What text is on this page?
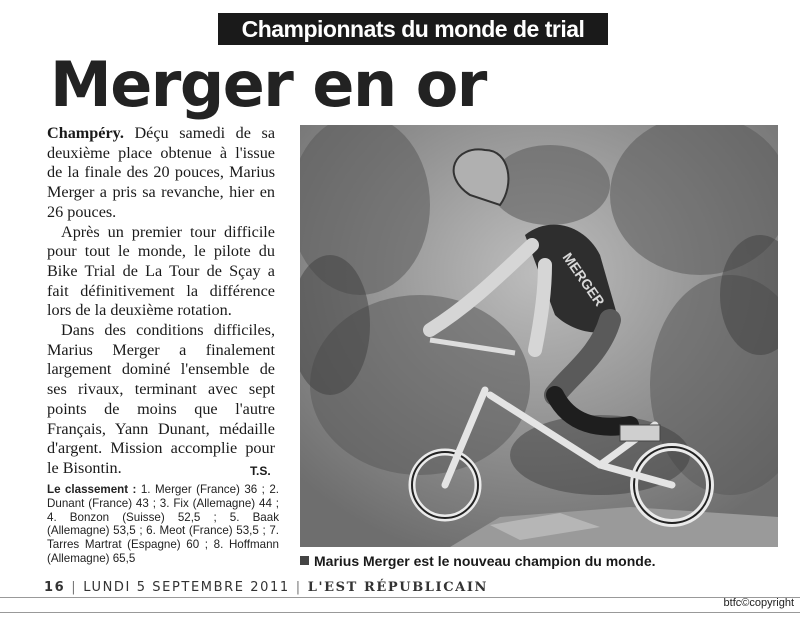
Championnats du monde de trial
Merger en or

Champéry. Déçu samedi de sa deuxième place obtenue à l'issue de la finale des 20 pouces, Marius Merger a pris sa revanche, hier en 26 pouces.

Après un premier tour difficile pour tout le monde, le pilote du Bike Trial de La Tour de Sçay a fait définitivement la différence lors de la deuxième rotation.

Dans des conditions difficiles, Marius Merger a finalement largement dominé l'ensemble de ses rivaux, terminant avec sept points de moins que l'autre Français, Yann Dunant, médaille d'argent. Mission accomplie pour le Bisontin.	T.S.
Le classement : 1. Merger (France) 36 ; 2. Dunant (France) 43 ; 3. Fix (Allemagne) 44 ; 4. Bonzon (Suisse) 52,5 ; 5. Baak (Allemagne) 53,5 ; 6. Meot (France) 53,5 ; 7. Tarres Martrat (Espagne) 60 ; 8. Hoffmann (Allemagne) 65,5
MERGER
Marius Merger est le nouveau champion du monde.
16 | LUNDI 5 SEPTEMBRE 2011 | L'EST RÉPUBLICAIN
btfc©copyright
